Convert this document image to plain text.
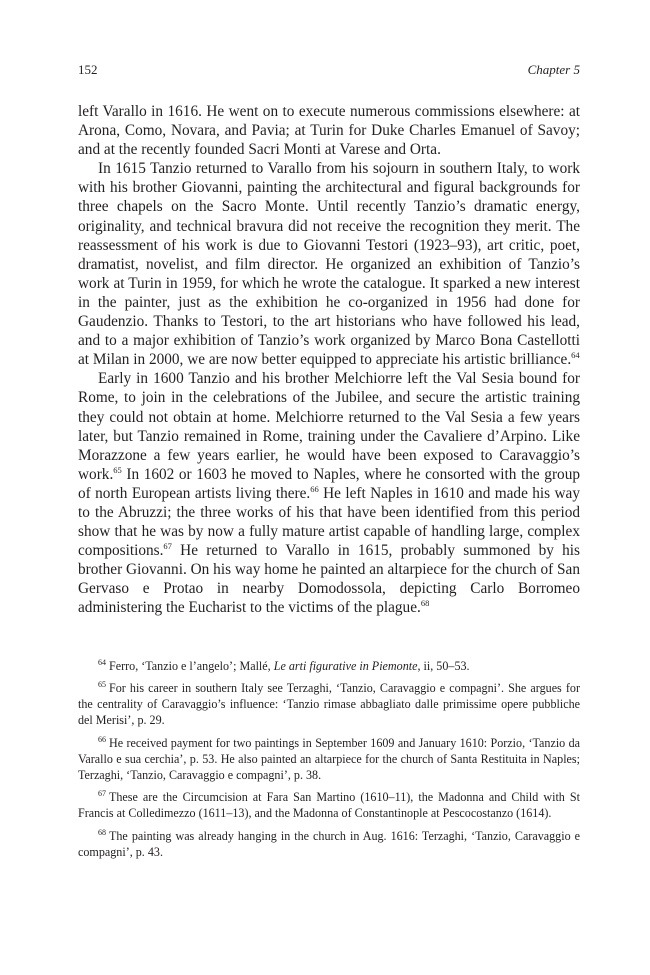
152	Chapter 5

left Varallo in 1616. He went on to execute numerous commissions elsewhere: at Arona, Como, Novara, and Pavia; at Turin for Duke Charles Emanuel of Savoy; and at the recently founded Sacri Monti at Varese and Orta.

In 1615 Tanzio returned to Varallo from his sojourn in southern Italy, to work with his brother Giovanni, painting the architectural and figural backgrounds for three chapels on the Sacro Monte. Until recently Tanzio’s dramatic energy, originality, and technical bravura did not receive the recognition they merit. The reassessment of his work is due to Giovanni Testori (1923–93), art critic, poet, dramatist, novelist, and film director. He organized an exhibition of Tanzio’s work at Turin in 1959, for which he wrote the catalogue. It sparked a new interest in the painter, just as the exhibition he co-organized in 1956 had done for Gaudenzio. Thanks to Testori, to the art historians who have followed his lead, and to a major exhibition of Tanzio’s work organized by Marco Bona Castellotti at Milan in 2000, we are now better equipped to appreciate his artistic brilliance.$^{64}$

Early in 1600 Tanzio and his brother Melchiorre left the Val Sesia bound for Rome, to join in the celebrations of the Jubilee, and secure the artistic training they could not obtain at home. Melchiorre returned to the Val Sesia a few years later, but Tanzio remained in Rome, training under the Cavaliere d’Arpino. Like Morazzone a few years earlier, he would have been exposed to Caravaggio’s work.$^{65}$ In 1602 or 1603 he moved to Naples, where he consorted with the group of north European artists living there.$^{66}$ He left Naples in 1610 and made his way to the Abruzzi; the three works of his that have been identified from this period show that he was by now a fully mature artist capable of handling large, complex compositions.$^{67}$ He returned to Varallo in 1615, probably summoned by his brother Giovanni. On his way home he painted an altarpiece for the church of San Gervaso e Protao in nearby Domodossola, depicting Carlo Borromeo administering the Eucharist to the victims of the plague.$^{68}$

$^{64}$ Ferro, ‘Tanzio e l’angelo’; Mallé, Le arti figurative in Piemonte, ii, 50–53.

$^{65}$ For his career in southern Italy see Terzaghi, ‘Tanzio, Caravaggio e compagni’. She argues for the centrality of Caravaggio’s influence: ‘Tanzio rimase abbagliato dalle primissime opere pubbliche del Merisi’, p. 29.

$^{66}$ He received payment for two paintings in September 1609 and January 1610: Porzio, ‘Tanzio da Varallo e sua cerchia’, p. 53. He also painted an altarpiece for the church of Santa Restituita in Naples; Terzaghi, ‘Tanzio, Caravaggio e compagni’, p. 38.

$^{67}$ These are the Circumcision at Fara San Martino (1610–11), the Madonna and Child with St Francis at Colledimezzo (1611–13), and the Madonna of Constantinople at Pescocostanzo (1614).

$^{68}$ The painting was already hanging in the church in Aug. 1616: Terzaghi, ‘Tanzio, Caravaggio e compagni’, p. 43.
